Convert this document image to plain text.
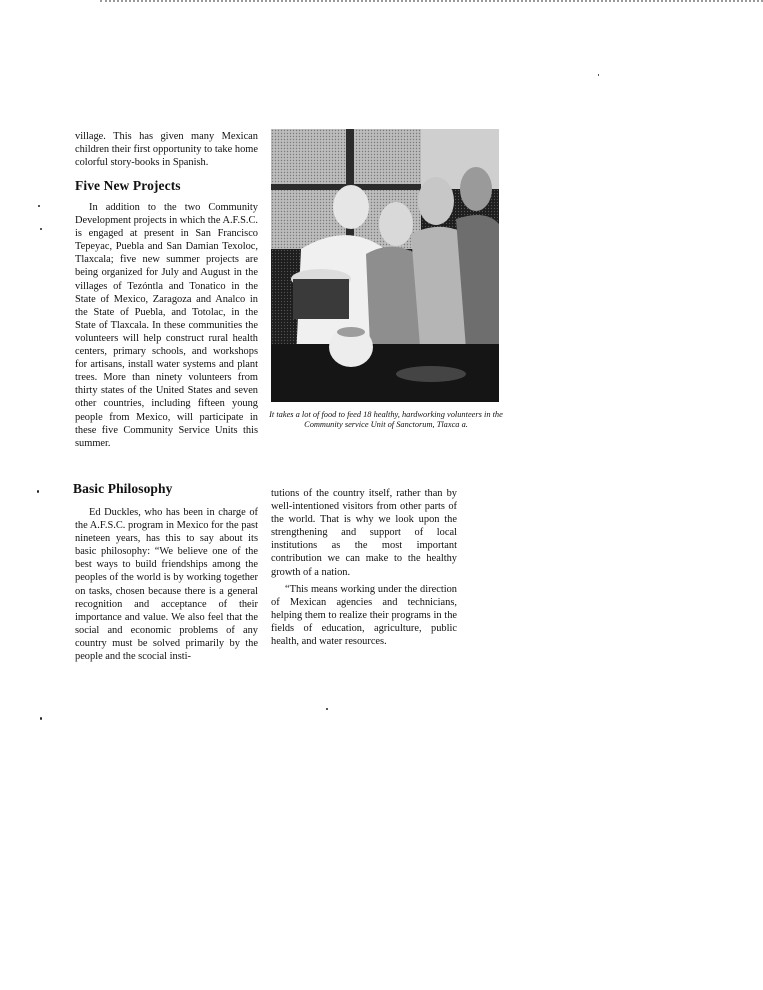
village. This has given many Mexican children their first opportunity to take home colorful story-books in Spanish.

Five New Projects

In addition to the two Community Development projects in which the A.F.S.C. is engaged at present in San Francisco Tepeyac, Puebla and San Damian Texoloc, Tlaxcala; five new summer projects are being organized for July and August in the villages of Tezóntla and Tonatico in the State of Mexico, Zaragoza and Analco in the State of Puebla, and Totolac, in the State of Tlaxcala. In these communities the volunteers will help construct rural health centers, primary schools, and workshops for artisans, install water systems and plant trees. More than ninety volunteers from thirty states of the United States and seven other countries, including fifteen young people from Mexico, will participate in these five Community Service Units this summer.

Basic Philosophy

Ed Duckles, who has been in charge of the A.F.S.C. program in Mexico for the past nineteen years, has this to say about its basic philosophy: “We believe one of the best ways to build friendships among the peoples of the world is by working together on tasks, chosen because there is a general recognition and acceptance of their importance and value. We also feel that the social and economic problems of any country must be solved primarily by the people and the scocial insti-

It takes a lot of food to feed 18 healthy, hardworking volunteers in the Community service Unit of Sanctorum, Tlaxca a.

tutions of the country itself, rather than by well-intentioned visitors from other parts of the world. That is why we look upon the strengthening and support of local institutions as the most important contribution we can make to the healthy growth of a nation.

“This means working under the direction of Mexican agencies and technicians, helping them to realize their programs in the fields of education, agriculture, public health, and water resources.
